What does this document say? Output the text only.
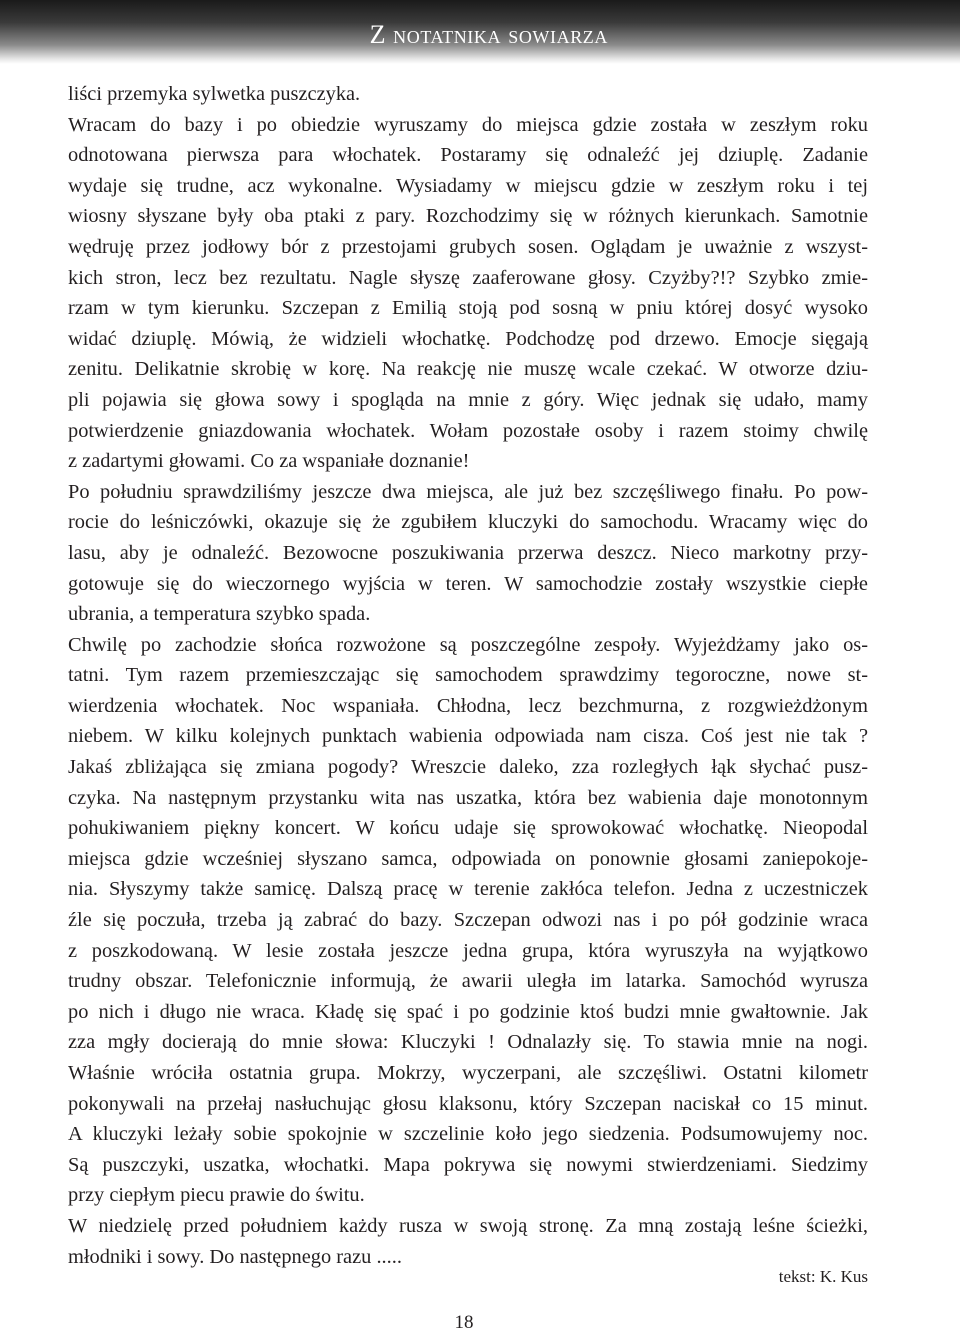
Z notatnika sowiarza
liści przemyka sylwetka puszczyka.
Wracam do bazy i po obiedzie wyruszamy do miejsca gdzie została w zeszłym roku
odnotowana pierwsza para włochatek. Postaramy się odnaleźć jej dziuplę. Zadanie
wydaje się trudne, acz wykonalne. Wysiadamy w miejscu gdzie w zeszłym roku i tej
wiosny słyszane były oba ptaki z pary. Rozchodzimy się w różnych kierunkach. Samotnie
wędruję przez jodłowy bór z przestojami grubych sosen. Oglądam je uważnie z wszyst-
kich stron, lecz bez rezultatu. Nagle słyszę zaaferowane głosy. Czyżby?!? Szybko zmie-
rzam w tym kierunku. Szczepan z Emilią stoją pod sosną w pniu której dosyć wysoko
widać dziuplę. Mówią, że widzieli włochatkę. Podchodzę pod drzewo. Emocje sięgają
zenitu. Delikatnie skrobię w korę. Na reakcję nie muszę wcale czekać. W otworze dziu-
pli pojawia się głowa sowy i spogląda na mnie z góry. Więc jednak się udało, mamy
potwierdzenie gniazdowania włochatek. Wołam pozostałe osoby i razem stoimy chwilę
z zadartymi głowami. Co za wspaniałe doznanie!
Po południu sprawdziliśmy jeszcze dwa miejsca, ale już bez szczęśliwego finału. Po pow-
rocie do leśniczówki, okazuje się że zgubiłem kluczyki do samochodu. Wracamy więc do
lasu, aby je odnaleźć. Bezowocne poszukiwania przerwa deszcz. Nieco markotny przy-
gotowuje się do wieczornego wyjścia w teren. W samochodzie zostały wszystkie ciepłe
ubrania, a temperatura szybko spada.
Chwilę po zachodzie słońca rozwożone są poszczególne zespoły. Wyjeżdżamy jako os-
tatni. Tym razem przemieszczając się samochodem sprawdzimy tegoroczne, nowe st-
wierdzenia włochatek. Noc wspaniała. Chłodna, lecz bezchmurna, z rozgwieżdżonym
niebem. W kilku kolejnych punktach wabienia odpowiada nam cisza. Coś jest nie tak ?
Jakaś zbliżająca się zmiana pogody? Wreszcie daleko, zza rozległych łąk słychać pusz-
czyka. Na następnym przystanku wita nas uszatka, która bez wabienia daje monotonnym
pohukiwaniem piękny koncert. W końcu udaje się sprowokować włochatkę. Nieopodal
miejsca gdzie wcześniej słyszano samca, odpowiada on ponownie głosami zaniepokoje-
nia. Słyszymy także samicę. Dalszą pracę w terenie zakłóca telefon. Jedna z uczestniczek
źle się poczuła, trzeba ją zabrać do bazy. Szczepan odwozi nas i po pół godzinie wraca
z poszkodowaną. W lesie została jeszcze jedna grupa, która wyruszyła na wyjątkowo
trudny obszar. Telefonicznie informują, że awarii uległa im latarka. Samochód wyrusza
po nich i długo nie wraca. Kładę się spać i po godzinie ktoś budzi mnie gwałtownie. Jak
zza mgły docierają do mnie słowa: Kluczyki ! Odnalazły się. To stawia mnie na nogi.
Właśnie wróciła ostatnia grupa. Mokrzy, wyczerpani, ale szczęśliwi. Ostatni kilometr
pokonywali na przełaj nasłuchując głosu klaksonu, który Szczepan naciskał co 15 minut.
A kluczyki leżały sobie spokojnie w szczelinie koło jego siedzenia. Podsumowujemy noc.
Są puszczyki, uszatka, włochatki. Mapa pokrywa się nowymi stwierdzeniami. Siedzimy
przy ciepłym piecu prawie do świtu.
W niedzielę przed południem każdy rusza w swoją stronę. Za mną zostają leśne ścieżki,
młodniki i sowy. Do następnego razu .....
tekst: K. Kus
18
